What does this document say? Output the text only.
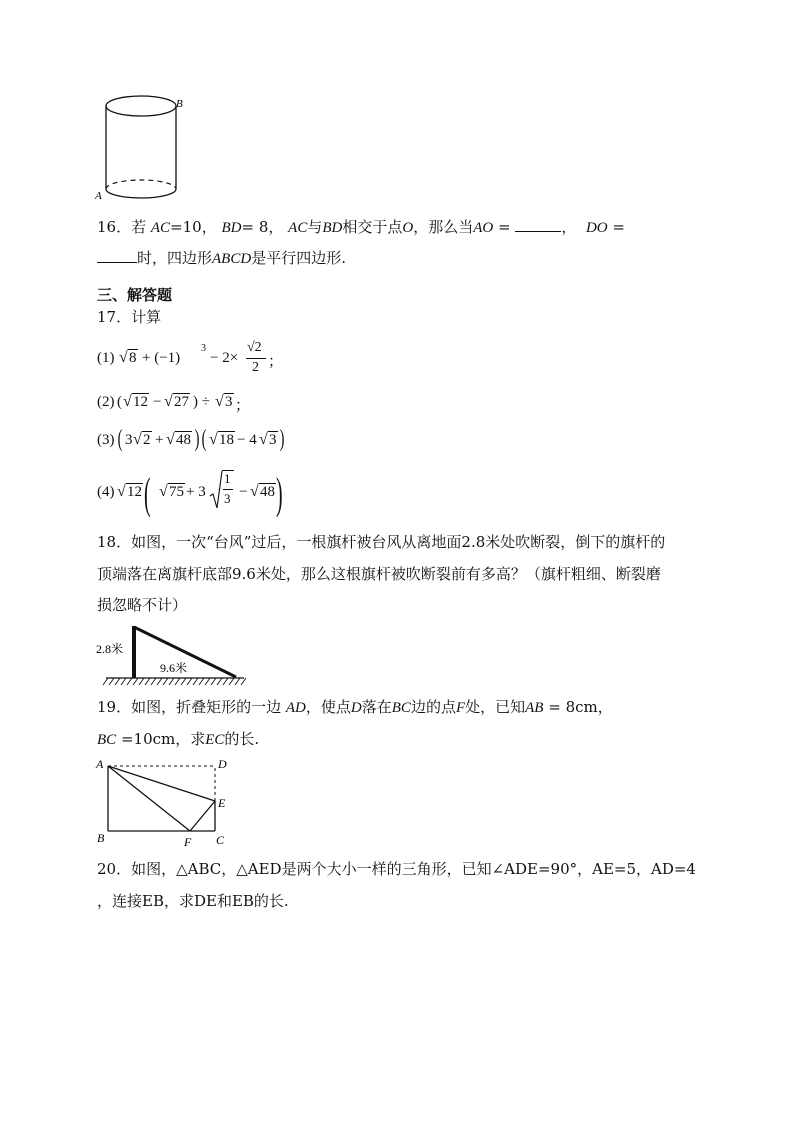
A
B
16．若 AC=10， BD= 8， AC与BD相交于点O，那么当AO =	， DO =
时，四边形ABCD是平行四边形.
三、解答题
17．计算
(1) √ 8 + (−1)
3
− 2×
√2
2 ；
(2) ( √ 12 − √ 27 ) ÷ √ 3 ；
(3) ( 3 √ 2 + √ 48 ) ( √ 18 − 4 √ 3 )
(4) √ 12 ( √ 75 + 3
1
3 − √ 48 )
18．如图，一次“台风”过后，一根旗杆被台风从离地面2.8米处吹断裂，倒下的旗杆的
顶端落在离旗杆底部9.6米处，那么这根旗杆被吹断裂前有多高？（旗杆粗细、断裂磨
损忽略不计）
2.8米
9.6米
19．如图，折叠矩形的一边 AD，使点D落在BC边的点F处，已知AB = 8cm，
BC =10cm，求EC的长.
A	D
E
B	F C
20．如图，△ABC，△AED是两个大小一样的三角形，已知∠ADE=90°，AE=5，AD=4
，连接EB，求DE和EB的长.
